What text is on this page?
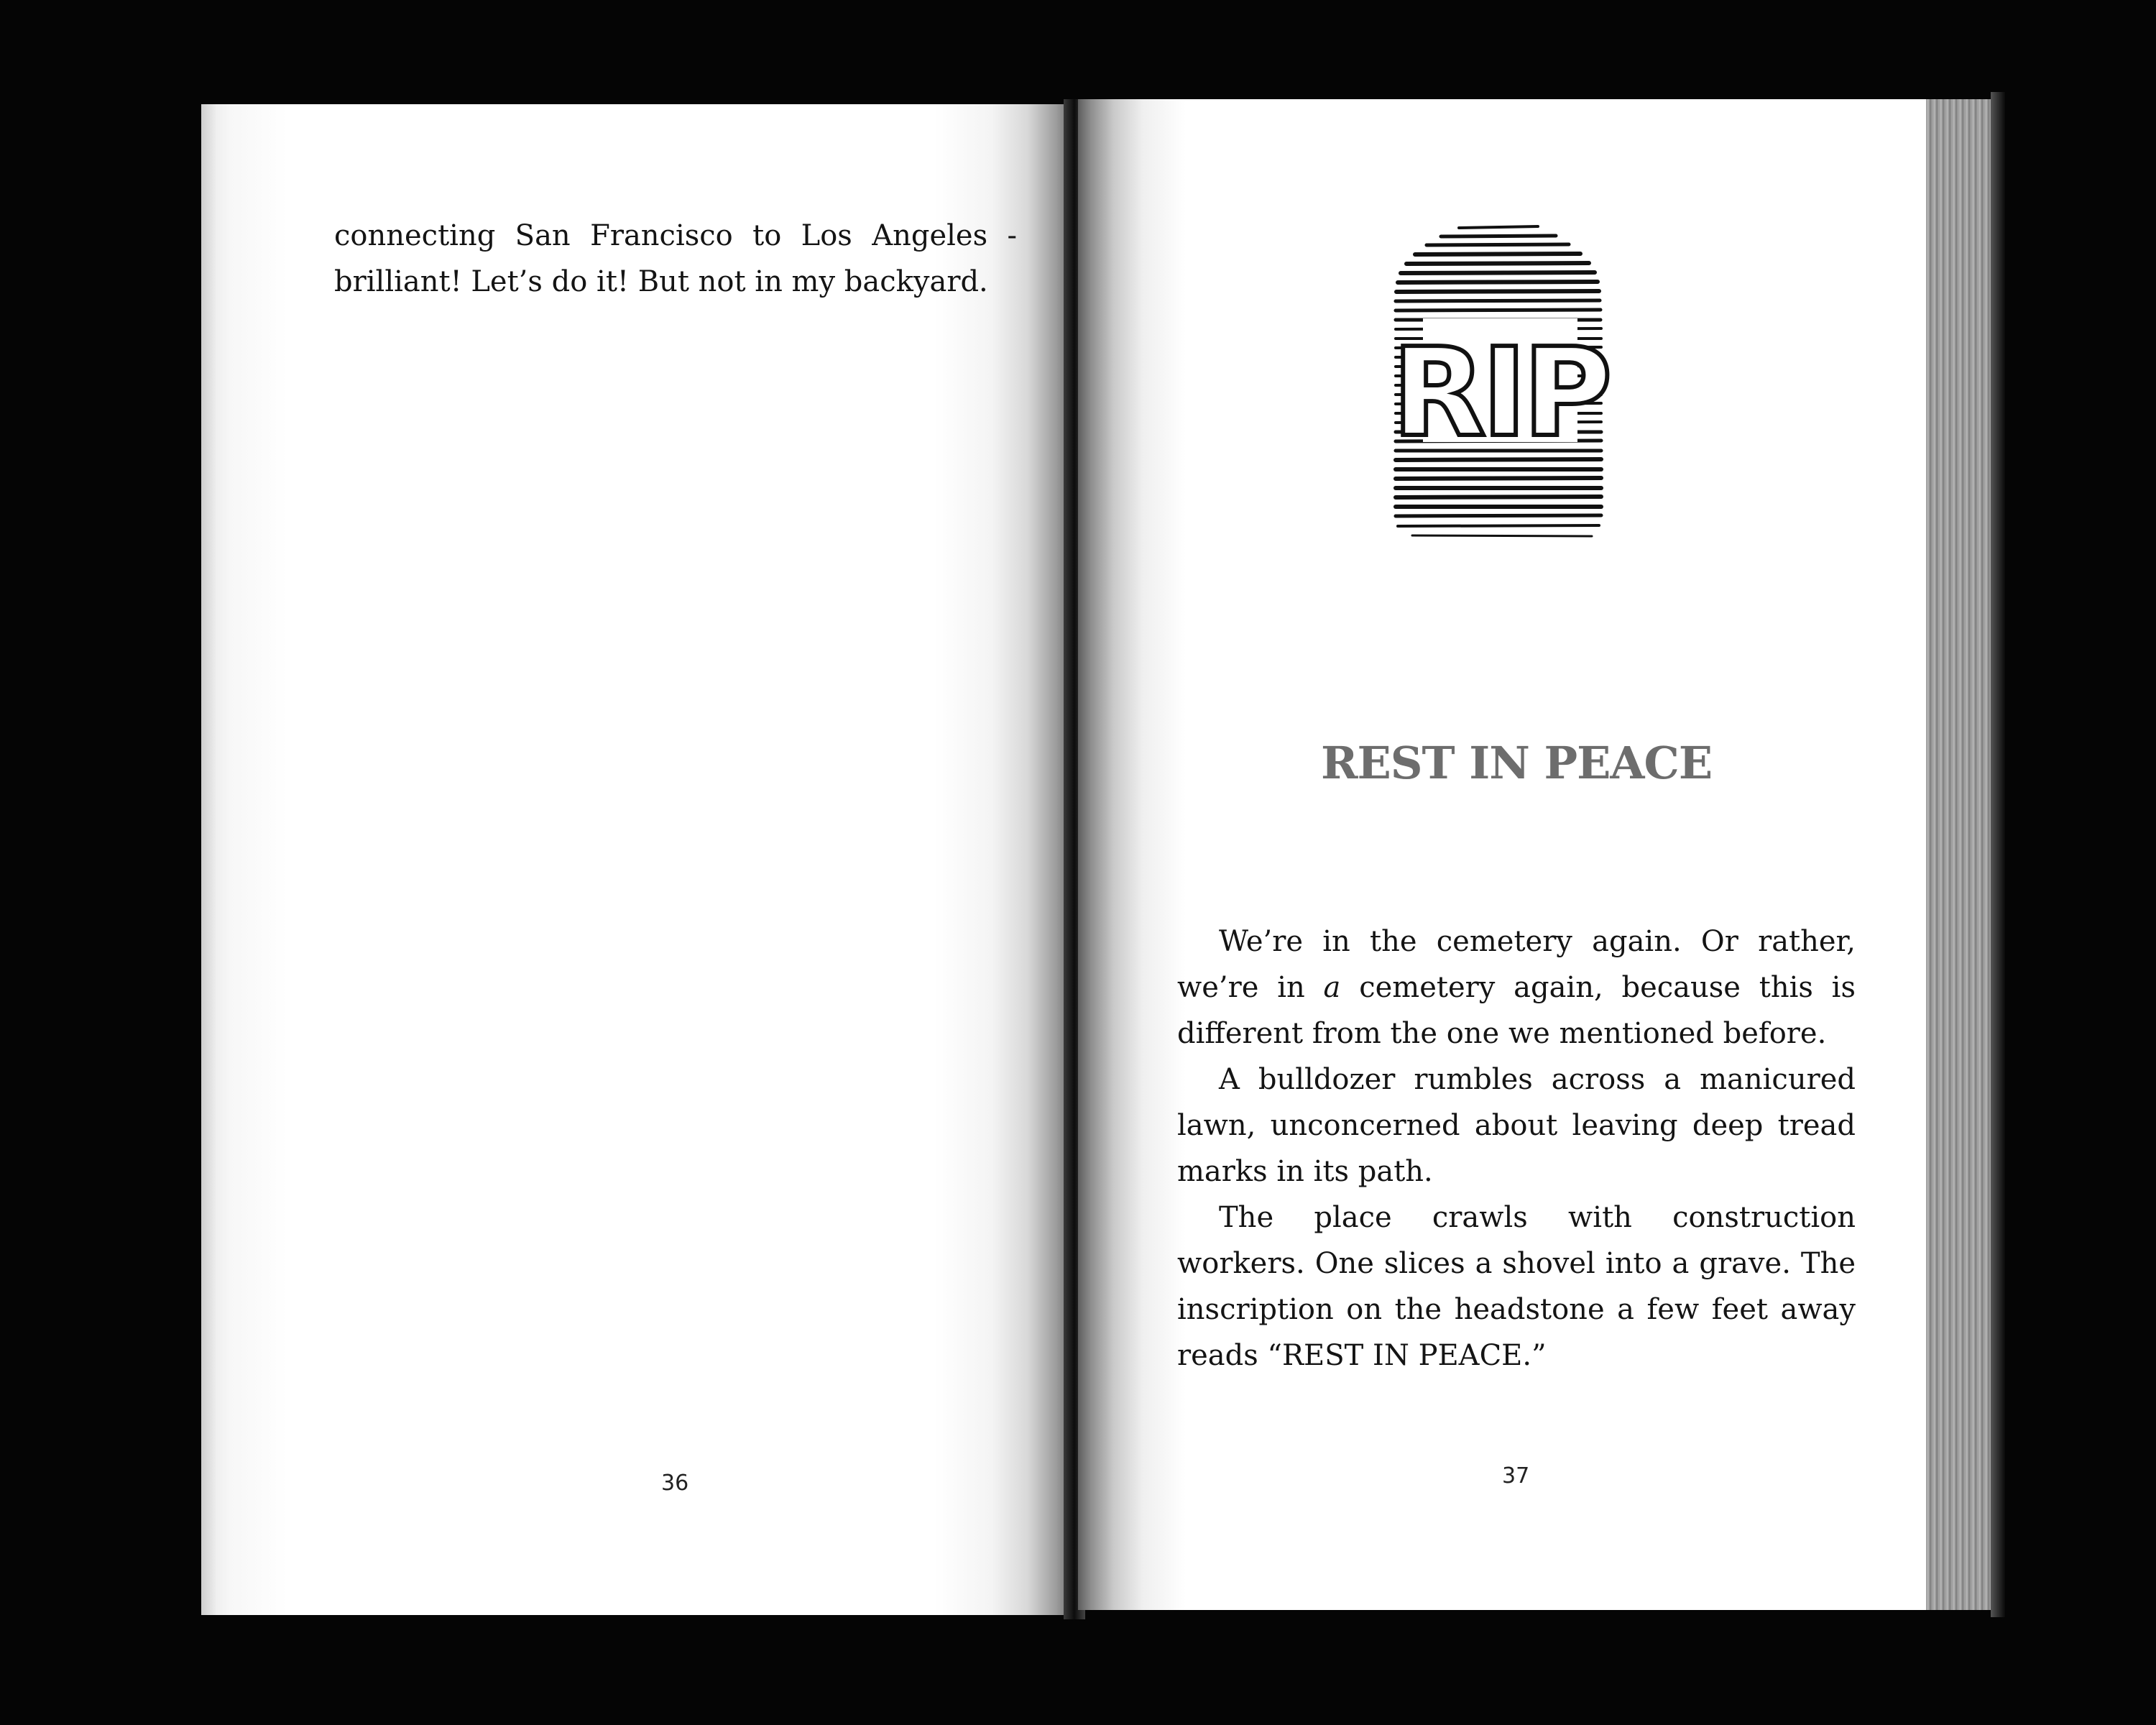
connecting San Francisco to Los Angeles - brilliant! Let’s do it! But not in my backyard.

36
RIP
REST IN PEACE

We’re in the cemetery again. Or rather, we’re in a cemetery again, because this is different from the one we mentioned before.

A bulldozer rumbles across a manicured lawn, unconcerned about leaving deep tread marks in its path.

The place crawls with construction workers. One slices a shovel into a grave. The inscription on the headstone a few feet away reads “REST IN PEACE.”

37
